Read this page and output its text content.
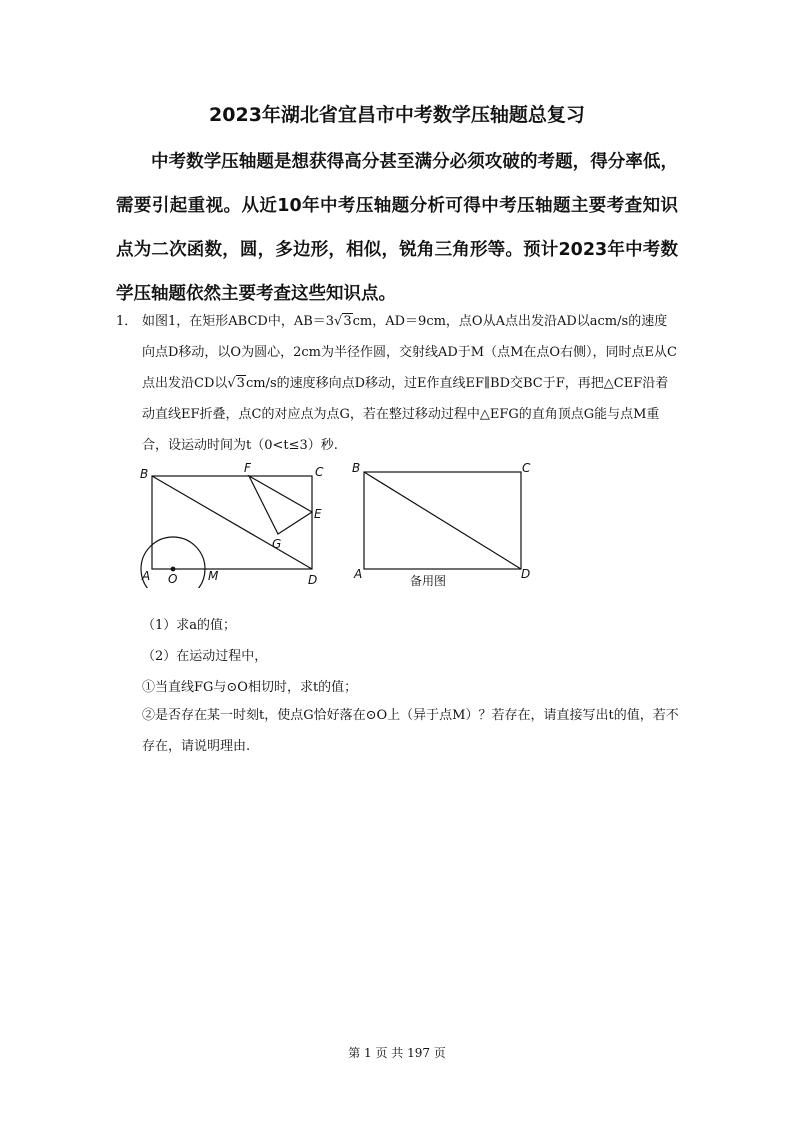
2023年湖北省宜昌市中考数学压轴题总复习
中考数学压轴题是想获得高分甚至满分必须攻破的考题，得分率低，需要引起重视。从近10年中考压轴题分析可得中考压轴题主要考查知识点为二次函数，圆，多边形，相似，锐角三角形等。预计2023年中考数学压轴题依然主要考查这些知识点。
1． 如图1，在矩形ABCD中，AB＝3√3cm，AD＝9cm，点O从A点出发沿AD以acm/s的速度向点D移动，以O为圆心，2cm为半径作圆，交射线AD于M（点M在点O右侧），同时点E从C点出发沿CD以√3cm/s的速度移向点D移动，过E作直线EF∥BD交BC于F，再把△CEF沿着动直线EF折叠，点C的对应点为点G，若在整过移动过程中△EFG的直角顶点G能与点M重合，设运动时间为t（0<t≤3）秒.
B	F	C
E
G
A O	M	D
B	C
A	D
备用图
（1）求a的值；
（2）在运动过程中，
①当直线FG与⊙O相切时，求t的值；
②是否存在某一时刻t，使点G恰好落在⊙O上（异于点M）？若存在，请直接写出t的值，若不存在，请说明理由.
第 1 页 共 197 页
